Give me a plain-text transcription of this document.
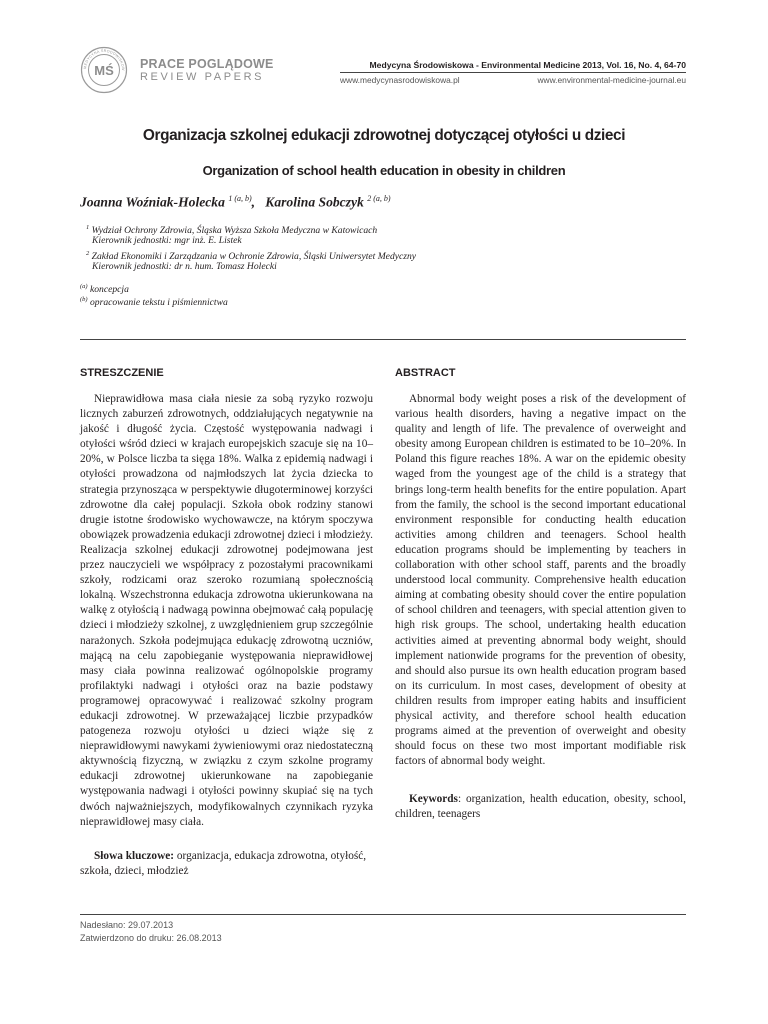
MŚ
MEDYCYNA ŚRODOWISKOW PRACE POGLĄDOWE
REVIEW PAPERS
Medycyna Środowiskowa - Environmental Medicine 2013, Vol. 16, No. 4, 64-70
www.medycynasrodowiskowa.pl	www.environmental-medicine-journal.eu
Organizacja szkolnej edukacji zdrowotnej dotyczącej otyłości u dzieci
Organization of school health education in obesity in children
Joanna Woźniak-Holecka $^{1 (a, b)}$, Karolina Sobczyk $^{2 (a, b)}$
$^1$ Wydział Ochrony Zdrowia, Śląska Wyższa Szkoła Medyczna w Katowicach
Kierownik jednostki: mgr inż. E. Listek
$^2$ Zakład Ekonomiki i Zarządzania w Ochronie Zdrowia, Śląski Uniwersytet Medyczny
Kierownik jednostki: dr n. hum. Tomasz Holecki
$^{(a)}$ koncepcja
$^{(b)}$ opracowanie tekstu i piśmiennictwa
STRESZCZENIE	ABSTRACT

Nieprawidłowa masa ciała niesie za sobą ryzyko rozwoju licznych zaburzeń zdrowotnych, oddziałujących negatywnie na jakość i długość życia. Częstość występowania nadwagi i otyłości wśród dzieci w krajach europejskich szacuje się na 10–20%, w Polsce liczba ta sięga 18%. Walka z epidemią nadwagi i otyłości prowadzona od najmłodszych lat życia dziecka to strategia przynosząca w perspektywie długoterminowej korzyści zdrowotne dla całej populacji. Szkoła obok rodziny stanowi drugie istotne środowisko wychowawcze, na którym spoczywa obowiązek prowadzenia edukacji zdrowotnej dzieci i młodzieży. Realizacja szkolnej edukacji zdrowotnej podejmowana jest przez nauczycieli we współpracy z pozostałymi pracownikami szkoły, rodzicami oraz szeroko rozumianą społecznością lokalną. Wszechstronna edukacja zdrowotna ukierunkowana na walkę z otyłością i nadwagą powinna obejmować całą populację dzieci i młodzieży szkolnej, z uwzględnieniem grup szczególnie narażonych. Szkoła podejmująca edukację zdrowotną uczniów, mającą na celu zapobieganie występowania nieprawidłowej masy ciała powinna realizować ogólnopolskie programy profilaktyki nadwagi i otyłości oraz na bazie podstawy programowej opracowywać i realizować szkolny program edukacji zdrowotnej. W przeważającej liczbie przypadków patogeneza rozwoju otyłości u dzieci wiąże się z nieprawidłowymi nawykami żywieniowymi oraz niedostateczną aktywnością fizyczną, w związku z czym szkolne programy edukacji zdrowotnej ukierunkowane na zapobieganie występowania nadwagi i otyłości powinny skupiać się na tych dwóch najważniejszych, modyfikowalnych czynnikach ryzyka nieprawidłowej masy ciała.

Słowa kluczowe: organizacja, edukacja zdrowotna, otyłość, szkoła, dzieci, młodzież

Abnormal body weight poses a risk of the development of various health disorders, having a negative impact on the quality and length of life. The prevalence of overweight and obesity among European children is estimated to be 10–20%. In Poland this figure reaches 18%. A war on the epidemic obesity waged from the youngest age of the child is a strategy that brings long-term health benefits for the entire population. Apart from the family, the school is the second important educational environment responsible for conducting health education activities among children and teenagers. School health education programs should be implementing by teachers in collaboration with other school staff, parents and the broadly understood local community. Comprehensive health education aiming at combating obesity should cover the entire population of school children and teenagers, with special attention given to high risk groups. The school, undertaking health education activities aimed at preventing abnormal body weight, should implement nationwide programs for the prevention of obesity, and should also pursue its own health education program based on its curriculum. In most cases, development of obesity at children results from improper eating habits and insufficient physical activity, and therefore school health education programs aimed at the prevention of overweight and obesity should focus on these two most important modifiable risk factors of abnormal body weight.

Keywords: organization, health education, obesity, school, children, teenagers
Nadesłano: 29.07.2013
Zatwierdzono do druku: 26.08.2013
